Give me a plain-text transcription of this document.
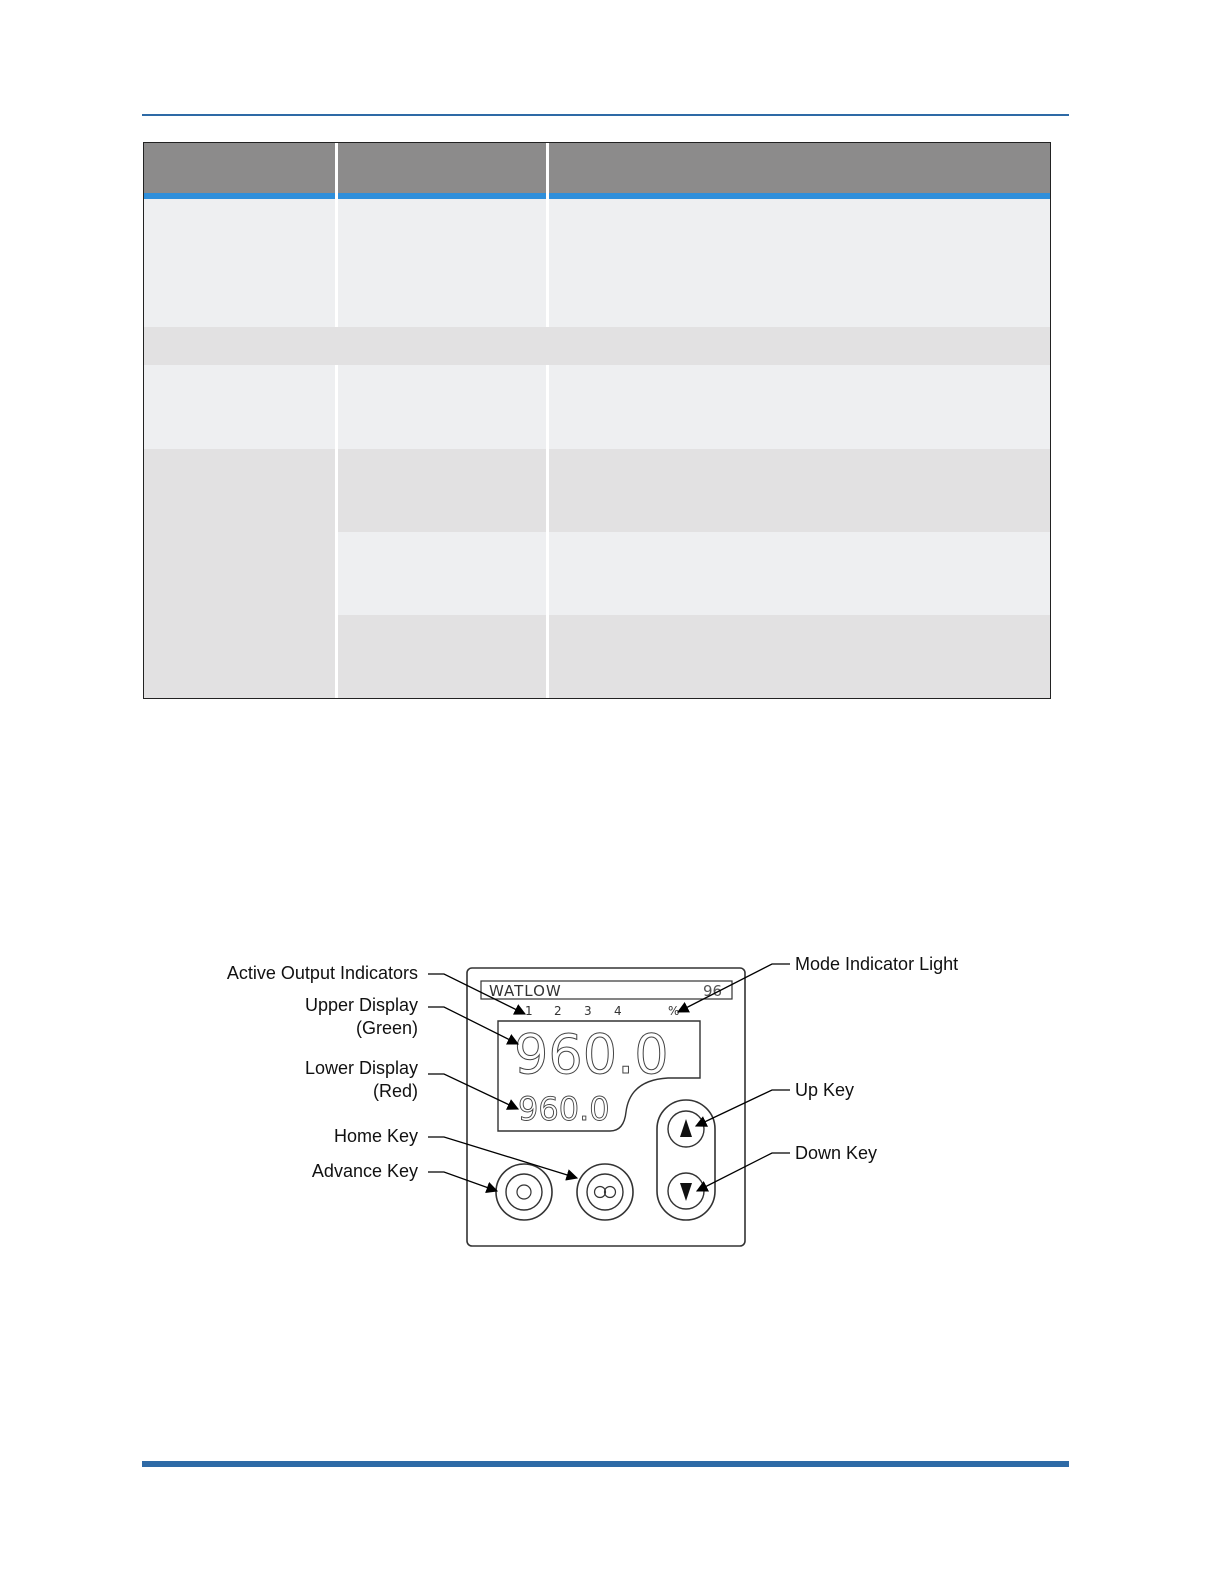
Active Output Indicators
Upper Display
(Green)
Lower Display
(Red)
Home Key
Advance Key
Mode Indicator Light
Up Key
Down Key
WATLOW	96
1 2 3 4	%
960.0
960.0
